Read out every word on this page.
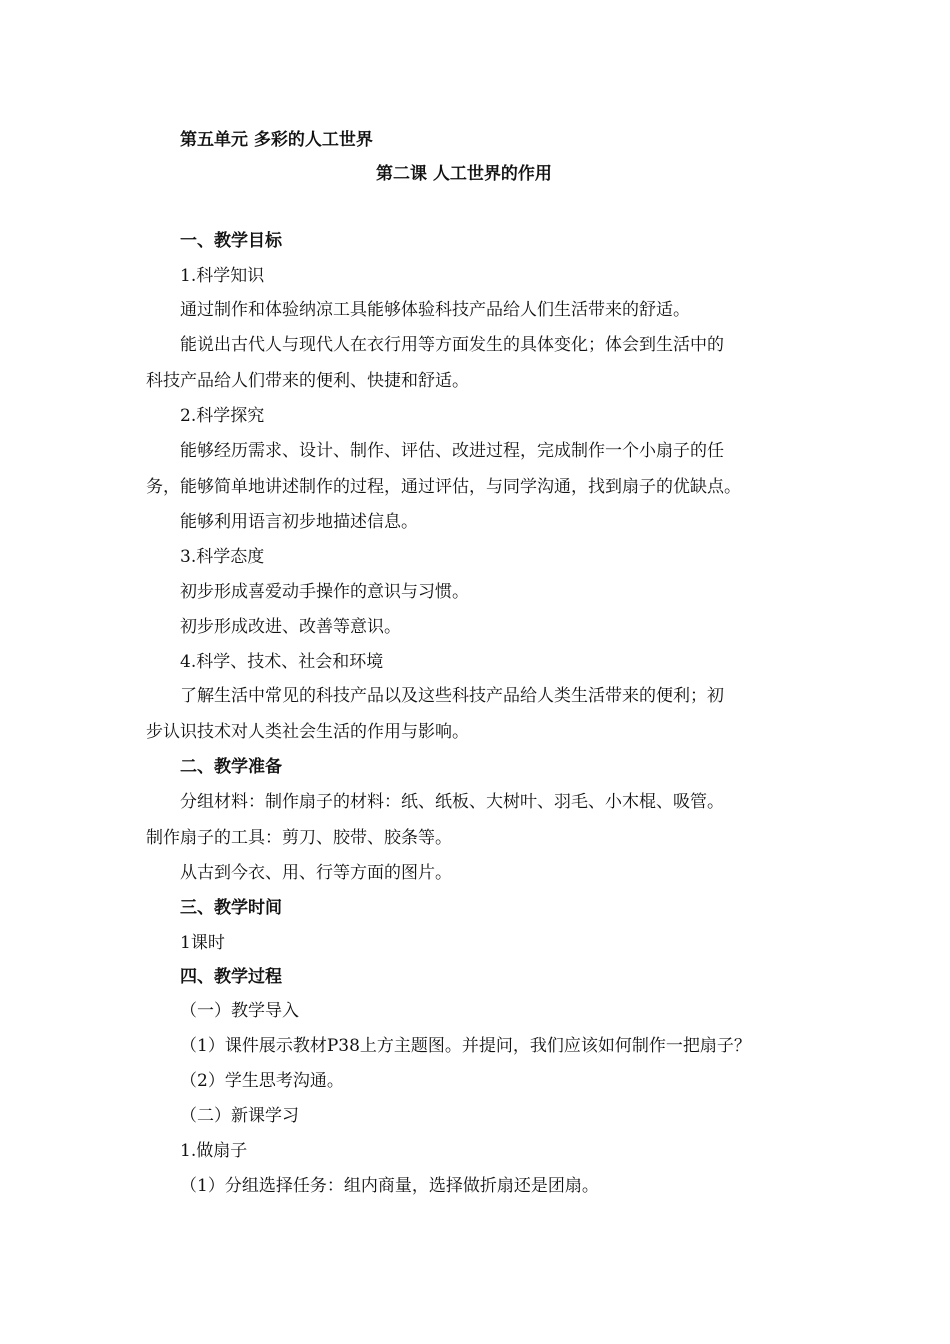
第五单元 多彩的人工世界
第二课 人工世界的作用
一、教学目标
1.科学知识
通过制作和体验纳凉工具能够体验科技产品给人们生活带来的舒适。
能说出古代人与现代人在衣行用等方面发生的具体变化；体会到生活中的
科技产品给人们带来的便利、快捷和舒适。
2.科学探究
能够经历需求、设计、制作、评估、改进过程，完成制作一个小扇子的任
务，能够简单地讲述制作的过程，通过评估，与同学沟通，找到扇子的优缺点。
能够利用语言初步地描述信息。
3.科学态度
初步形成喜爱动手操作的意识与习惯。
初步形成改进、改善等意识。
4.科学、技术、社会和环境
了解生活中常见的科技产品以及这些科技产品给人类生活带来的便利；初
步认识技术对人类社会生活的作用与影响。
二、教学准备
分组材料：制作扇子的材料：纸、纸板、大树叶、羽毛、小木棍、吸管。
制作扇子的工具：剪刀、胶带、胶条等。
从古到今衣、用、行等方面的图片。
三、教学时间
1课时
四、教学过程
（一）教学导入
（1）课件展示教材P38上方主题图。并提问，我们应该如何制作一把扇子？
（2）学生思考沟通。
（二）新课学习
1.做扇子
（1）分组选择任务：组内商量，选择做折扇还是团扇。
